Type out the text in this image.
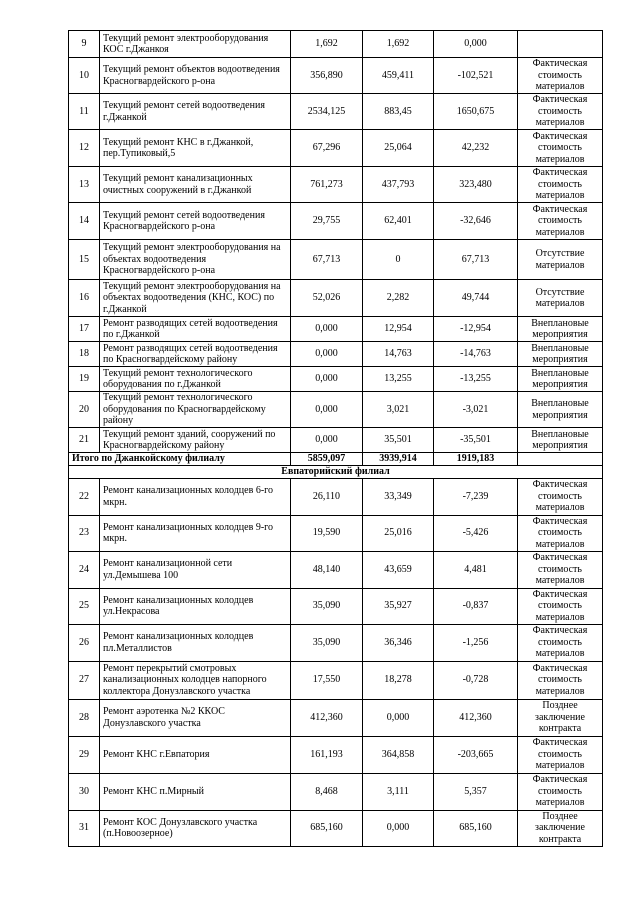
9	Текущий ремонт электрооборудования КОС г.Джанкоя	1,692	1,692	0,000	
10	Текущий ремонт объектов водоотведения Красногвардейского р-она	356,890	459,411	-102,521	Фактическая стоимость материалов
11	Текущий ремонт сетей водоотведения г.Джанкой	2534,125	883,45	1650,675	Фактическая стоимость материалов
12	Текущий ремонт КНС в г.Джанкой, пер.Тупиковый,5	67,296	25,064	42,232	Фактическая стоимость материалов
13	Текущий ремонт канализационных очистных сооружений в г.Джанкой	761,273	437,793	323,480	Фактическая стоимость материалов
14	Текущий ремонт сетей водоотведения Красногвардейского р-она	29,755	62,401	-32,646	Фактическая стоимость материалов
15	Текущий ремонт электрооборудования на объектах водоотведения Красногвардейского р-она	67,713	0	67,713	Отсутствие материалов
16	Текущий ремонт электрооборудования на объектах водоотведения (КНС, КОС) по г.Джанкой	52,026	2,282	49,744	Отсутствие материалов
17	Ремонт разводящих сетей водоотведения по г.Джанкой	0,000	12,954	-12,954	Внеплановые мероприятия
18	Ремонт разводящих сетей водоотведения по Красногвардейскому району	0,000	14,763	-14,763	Внеплановые мероприятия
19	Текущий ремонт технологического оборудования по г.Джанкой	0,000	13,255	-13,255	Внеплановые мероприятия
20	Текущий ремонт технологического оборудования по Красногвардейскому району	0,000	3,021	-3,021	Внеплановые мероприятия
21	Текущий ремонт зданий, сооружений по Красногвардейскому району	0,000	35,501	-35,501	Внеплановые мероприятия
Итого по Джанкойскому филиалу		5859,097	3939,914	1919,183	
Евпаторийский филиал					
22	Ремонт канализационных колодцев 6-го мкрн.	26,110	33,349	-7,239	Фактическая стоимость материалов
23	Ремонт канализационных колодцев 9-го мкрн.	19,590	25,016	-5,426	Фактическая стоимость материалов
24	Ремонт канализационной сети ул.Демышева 100	48,140	43,659	4,481	Фактическая стоимость материалов
25	Ремонт канализационных колодцев ул.Некрасова	35,090	35,927	-0,837	Фактическая стоимость материалов
26	Ремонт канализационных колодцев пл.Металлистов	35,090	36,346	-1,256	Фактическая стоимость материалов
27	Ремонт перекрытий смотровых канализационных колодцев напорного коллектора Донузлавского участка	17,550	18,278	-0,728	Фактическая стоимость материалов
28	Ремонт аэротенка №2 ККОС Донузлавского участка	412,360	0,000	412,360	Позднее заключение контракта
29	Ремонт КНС г.Евпатория	161,193	364,858	-203,665	Фактическая стоимость материалов
30	Ремонт КНС п.Мирный	8,468	3,111	5,357	Фактическая стоимость материалов
31	Ремонт КОС Донузлавского участка (п.Новоозерное)	685,160	0,000	685,160	Позднее заключение контракта
